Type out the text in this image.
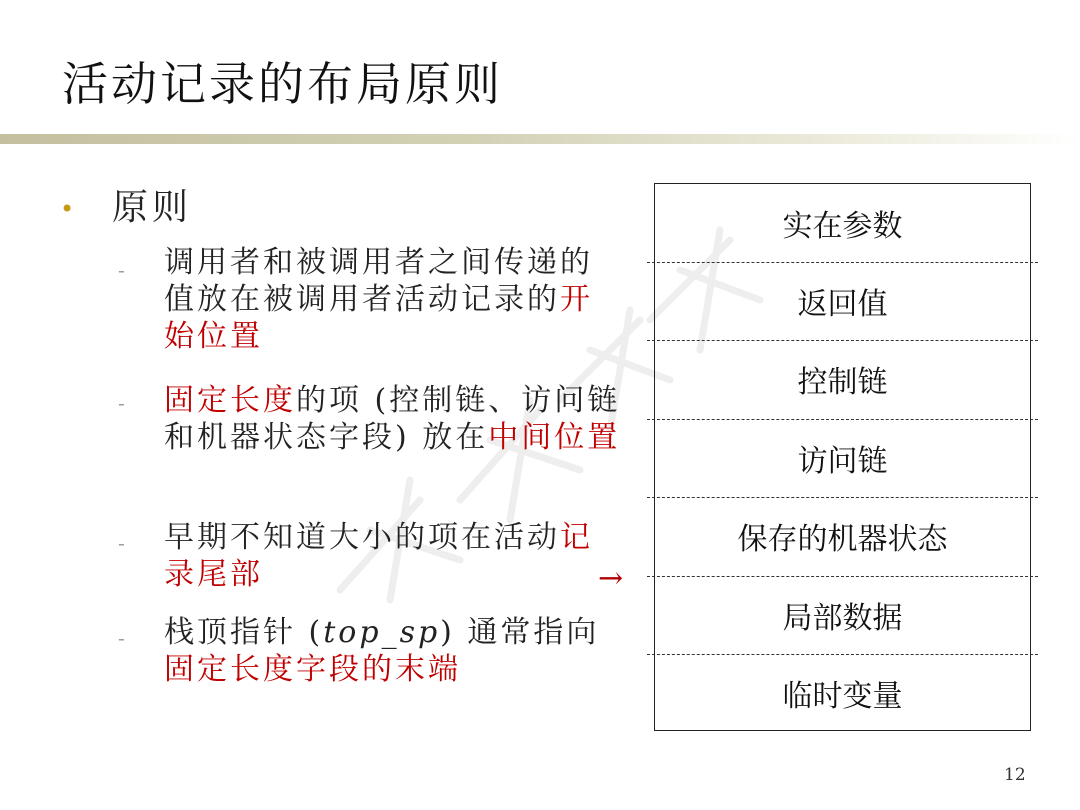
活动记录的布局原则
• 原则
- 调用者和被调用者之间传递的值放在被调用者活动记录的开始位置
- 固定长度的项 (控制链、访问链和机器状态字段) 放在中间位置
- 早期不知道大小的项在活动记录尾部
- 栈顶指针 (top_sp) 通常指向
固定长度字段的末端
→
实在参数
返回值
控制链
访问链
保存的机器状态
局部数据
临时变量
12
